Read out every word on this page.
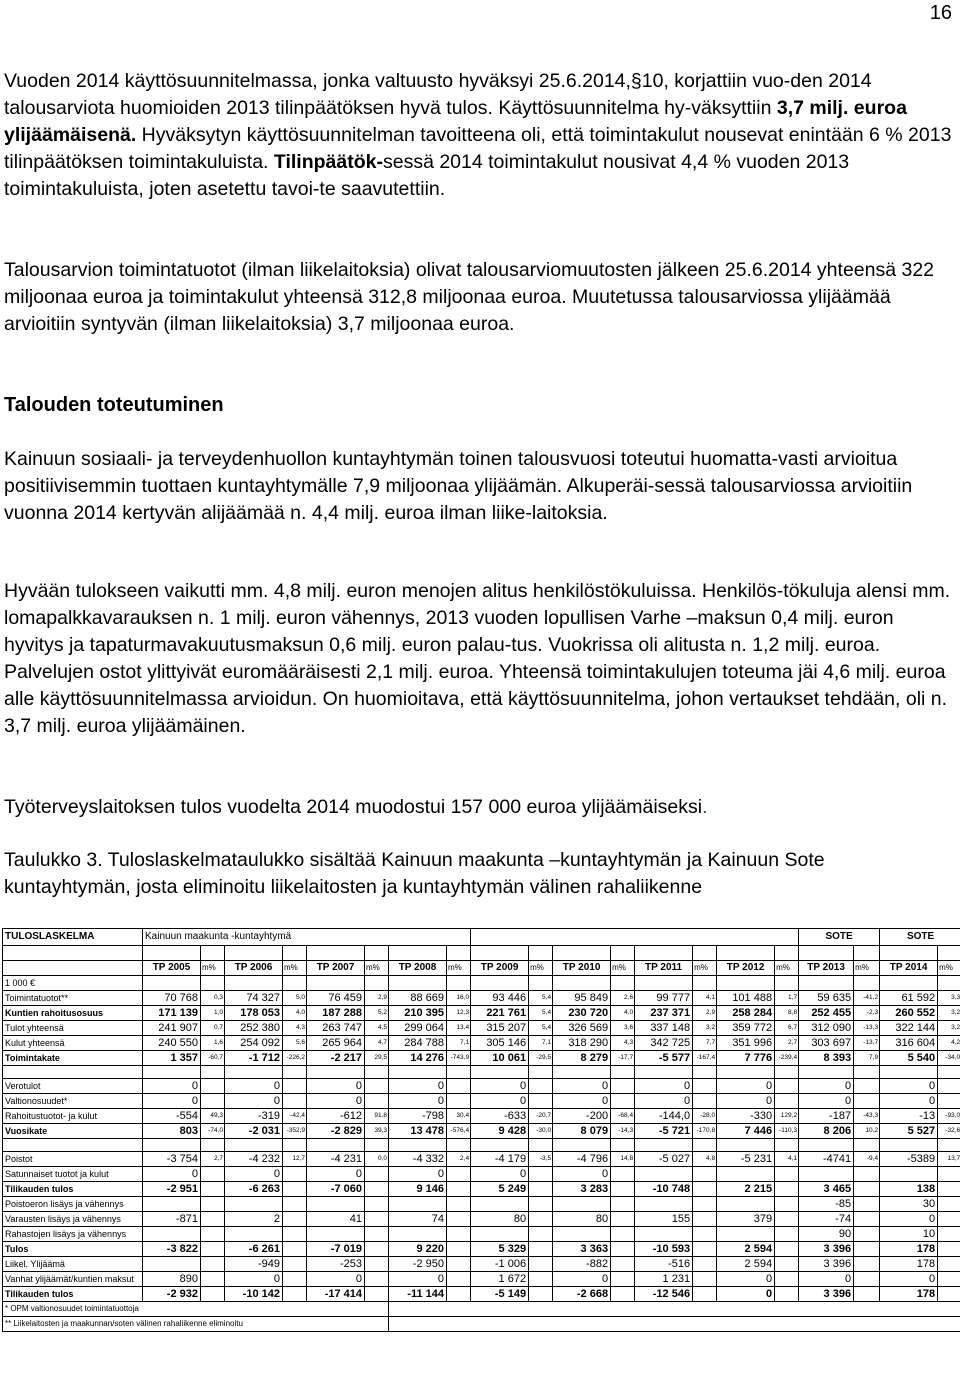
16

Vuoden 2014 käyttösuunnitelmassa, jonka valtuusto hyväksyi 25.6.2014,§10, korjattiin vuo-den 2014 talousarviota huomioiden 2013 tilinpäätöksen hyvä tulos. Käyttösuunnitelma hy-väksyttiin 3,7 milj. euroa ylijäämäisenä. Hyväksytyn käyttösuunnitelman tavoitteena oli, että toimintakulut nousevat enintään 6 % 2013 tilinpäätöksen toimintakuluista. Tilinpäätök-sessä 2014 toimintakulut nousivat 4,4 % vuoden 2013 toimintakuluista, joten asetettu tavoi-te saavutettiin.

Talousarvion toimintatuotot (ilman liikelaitoksia) olivat talousarviomuutosten jälkeen 25.6.2014 yhteensä 322 miljoonaa euroa ja toimintakulut yhteensä 312,8 miljoonaa euroa. Muutetussa talousarviossa ylijäämää arvioitiin syntyvän (ilman liikelaitoksia) 3,7 miljoonaa euroa.

Talouden toteutuminen

Kainuun sosiaali- ja terveydenhuollon kuntayhtymän toinen talousvuosi toteutui huomatta-vasti arvioitua positiivisemmin tuottaen kuntayhtymälle 7,9 miljoonaa ylijäämän. Alkuperäi-sessä talousarviossa arvioitiin vuonna 2014 kertyvän alijäämää n. 4,4 milj. euroa ilman liike-laitoksia.

Hyvään tulokseen vaikutti mm. 4,8 milj. euron menojen alitus henkilöstökuluissa. Henkilös-tökuluja alensi mm. lomapalkkavarauksen n. 1 milj. euron vähennys, 2013 vuoden lopullisen Varhe –maksun 0,4 milj. euron hyvitys ja tapaturmavakuutusmaksun 0,6 milj. euron palau-tus. Vuokrissa oli alitusta n. 1,2 milj. euroa. Palvelujen ostot ylittyivät euromääräisesti 2,1 milj. euroa. Yhteensä toimintakulujen toteuma jäi 4,6 milj. euroa alle käyttösuunnitelmassa arvioidun. On huomioitava, että käyttösuunnitelma, johon vertaukset tehdään, oli n. 3,7 milj. euroa ylijäämäinen.

Työterveyslaitoksen tulos vuodelta 2014 muodostui 157 000 euroa ylijäämäiseksi.

Taulukko 3. Tuloslaskelmataulukko sisältää Kainuun maakunta –kuntayhtymän ja Kainuun Sote kuntayhtymän, josta eliminoitu liikelaitosten ja kuntayhtymän välinen rahaliikenne

TULOSLASKELMA	Kainuun maakunta -kuntayhtymä																SOTE		SOTE	

	TP 2005	m%	TP 2006	m%	TP 2007	m%	TP 2008	m%	TP 2009	m%	TP 2010	m%	TP 2011	m%	TP 2012	m%	TP 2013	m%	TP 2014	m%
1 000 €																				
Toimintatuotot**	70 768	0,3	74 327	5,0	76 459	2,9	88 669	16,0	93 446	5,4	95 849	2,6	99 777	4,1	101 488	1,7	59 635	-41,2	61 592	3,3
Kuntien rahoitusosuus	171 139	1,0	178 053	4,0	187 288	5,2	210 395	12,3	221 761	5,4	230 720	4,0	237 371	2,9	258 284	8,8	252 455	-2,3	260 552	3,2
Tulot yhteensä	241 907	0,7	252 380	4,3	263 747	4,5	299 064	13,4	315 207	5,4	326 569	3,6	337 148	3,2	359 772	6,7	312 090	-13,3	322 144	3,2
Kulut yhteensä	240 550	1,6	254 092	5,6	265 964	4,7	284 788	7,1	305 146	7,1	318 290	4,3	342 725	7,7	351 996	2,7	303 697	-13,7	316 604	4,2
Toimintakate	1 357	-60,7	-1 712	-226,2	-2 217	29,5	14 276	-743,9	10 061	-29,5	8 279	-17,7	-5 577	-167,4	7 776	-239,4	8 393	7,9	5 540	-34,0

Verotulot	0		0		0		0		0		0		0		0		0		0	
Valtionosuudet*	0		0		0		0		0		0		0		0		0		0	
Rahoitustuotot- ja kulut	-554	49,3	-319	-42,4	-612	91,8	-798	30,4	-633	-20,7	-200	-68,4	-144,0	-28,0	-330	129,2	-187	-43,3	-13	-93,0
Vuosikate	803	-74,0	-2 031	-352,9	-2 829	39,3	13 478	-576,4	9 428	-30,0	8 079	-14,3	-5 721	-170,8	7 446	-110,3	8 206	10,2	5 527	-32,6

Poistot	-3 754	2,7	-4 232	12,7	-4 231	0,0	-4 332	2,4	-4 179	-3,5	-4 796	14,8	-5 027	4,8	-5 231	4,1	-4741	-9,4	-5389	13,7
Satunnaiset tuotot ja kulut	0		0		0		0		0		0									
Tilikauden tulos	-2 951		-6 263		-7 060		9 146		5 249		3 283		-10 748		2 215		3 465		138	
Poistoeron lisäys ja vähennys																	-85		30	
Varausten lisäys ja vähennys	-871		2		41		74		80		80		155		379		-74		0	
Rahastojen lisäys ja vähennys																	90		10	
Tulos	-3 822		-6 261		-7 019		9 220		5 329		3 363		-10 593		2 594		3 396		178	
Liikel. Ylijäämä			-949		-253		-2 950		-1 006		-882		-516		2 594		3 396		178	
Vanhat ylijäämät/kuntien maksut	890		0		0		0		1 672		0		1 231		0		0		0	
Tilikauden tulos	-2 932		-10 142		-17 414		-11 144		-5 149		-2 668		-12 546		0		3 396		178	
* OPM valtionosuudet toimintatuottoja																				
** Liikelaitosten ja maakunnan/soten välinen rahaliikenne eliminoitu																				
